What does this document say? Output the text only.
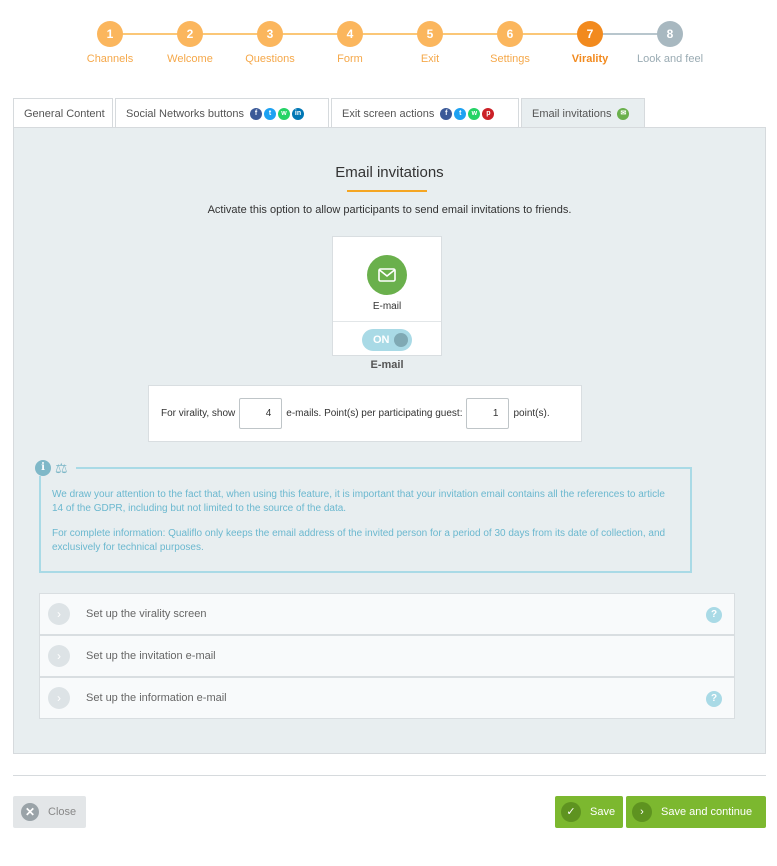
1
Channels
2
Welcome
3
Questions
4
Form
5
Exit
6
Settings
7
Virality
8
Look and feel
General Content Social Networks buttons	f	t	w	in	Exit screen actions	f	t	w	p	Email invitations	✉
Email invitations
Activate this option to allow participants to send email invitations to friends.
E-mail
ON
E-mail
For virality, show
4	e-mails. Point(s) per participating guest:
1	point(s).
i ⚖

We draw your attention to the fact that, when using this feature, it is important that your invitation email contains all the references to article 14 of the GDPR, including but not limited to the source of the data.

For complete information: Qualiflo only keeps the email address of the invited person for a period of 30 days from its date of collection, and exclusively for technical purposes.

›	Set up the virality screen	?
›	Set up the invitation e-mail
›	Set up the information e-mail	?
✕	Close	✓	Save	›	Save and continue
